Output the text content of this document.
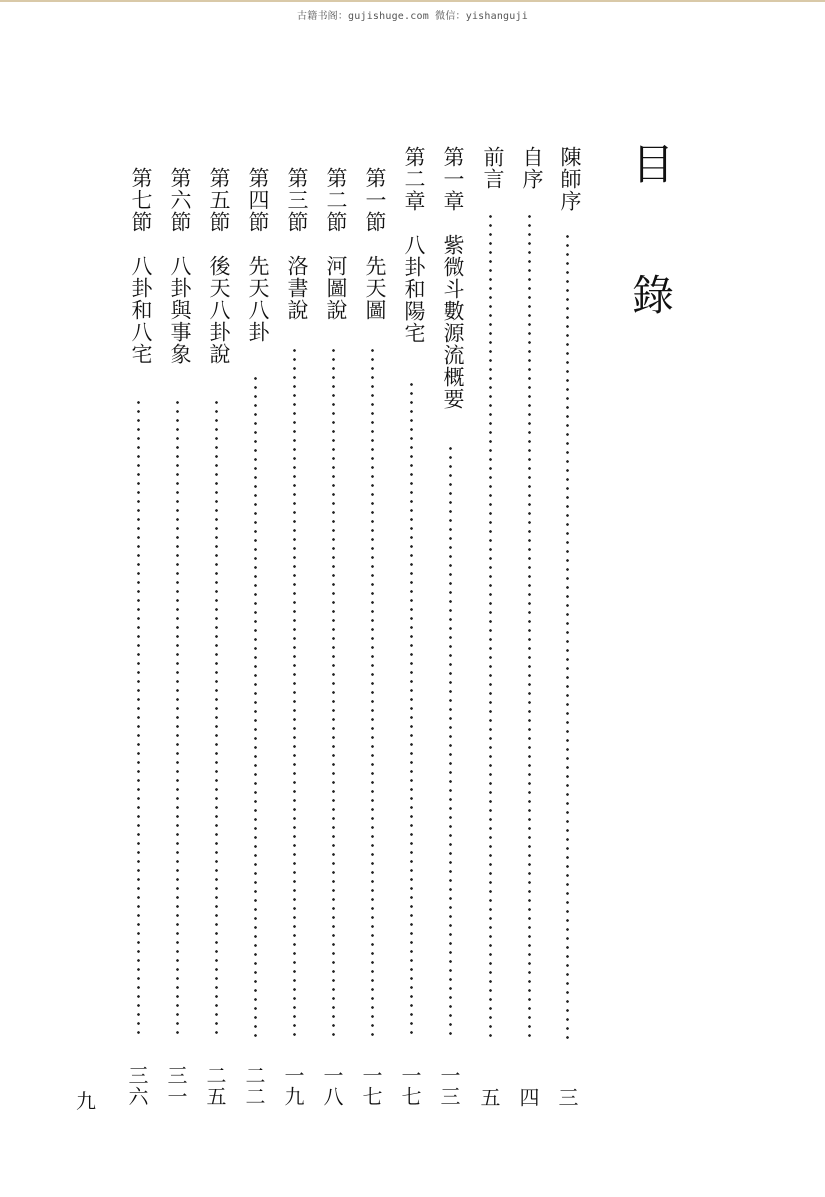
古籍书阁：gujishuge.com 微信：yishanguji
目 錄
陳師序
自序
前言
第一章　紫微斗數源流概要
第二章　八卦和陽宅
第一節　先天圖
第二節　河圖說
第三節　洛書說
第四節　先天八卦
第五節　後天八卦說
第六節　八卦與事象
第七節　八卦和八宅
三
四
五
一三
一七
一七
一八
一九
二二
二五
三一
三六
九
